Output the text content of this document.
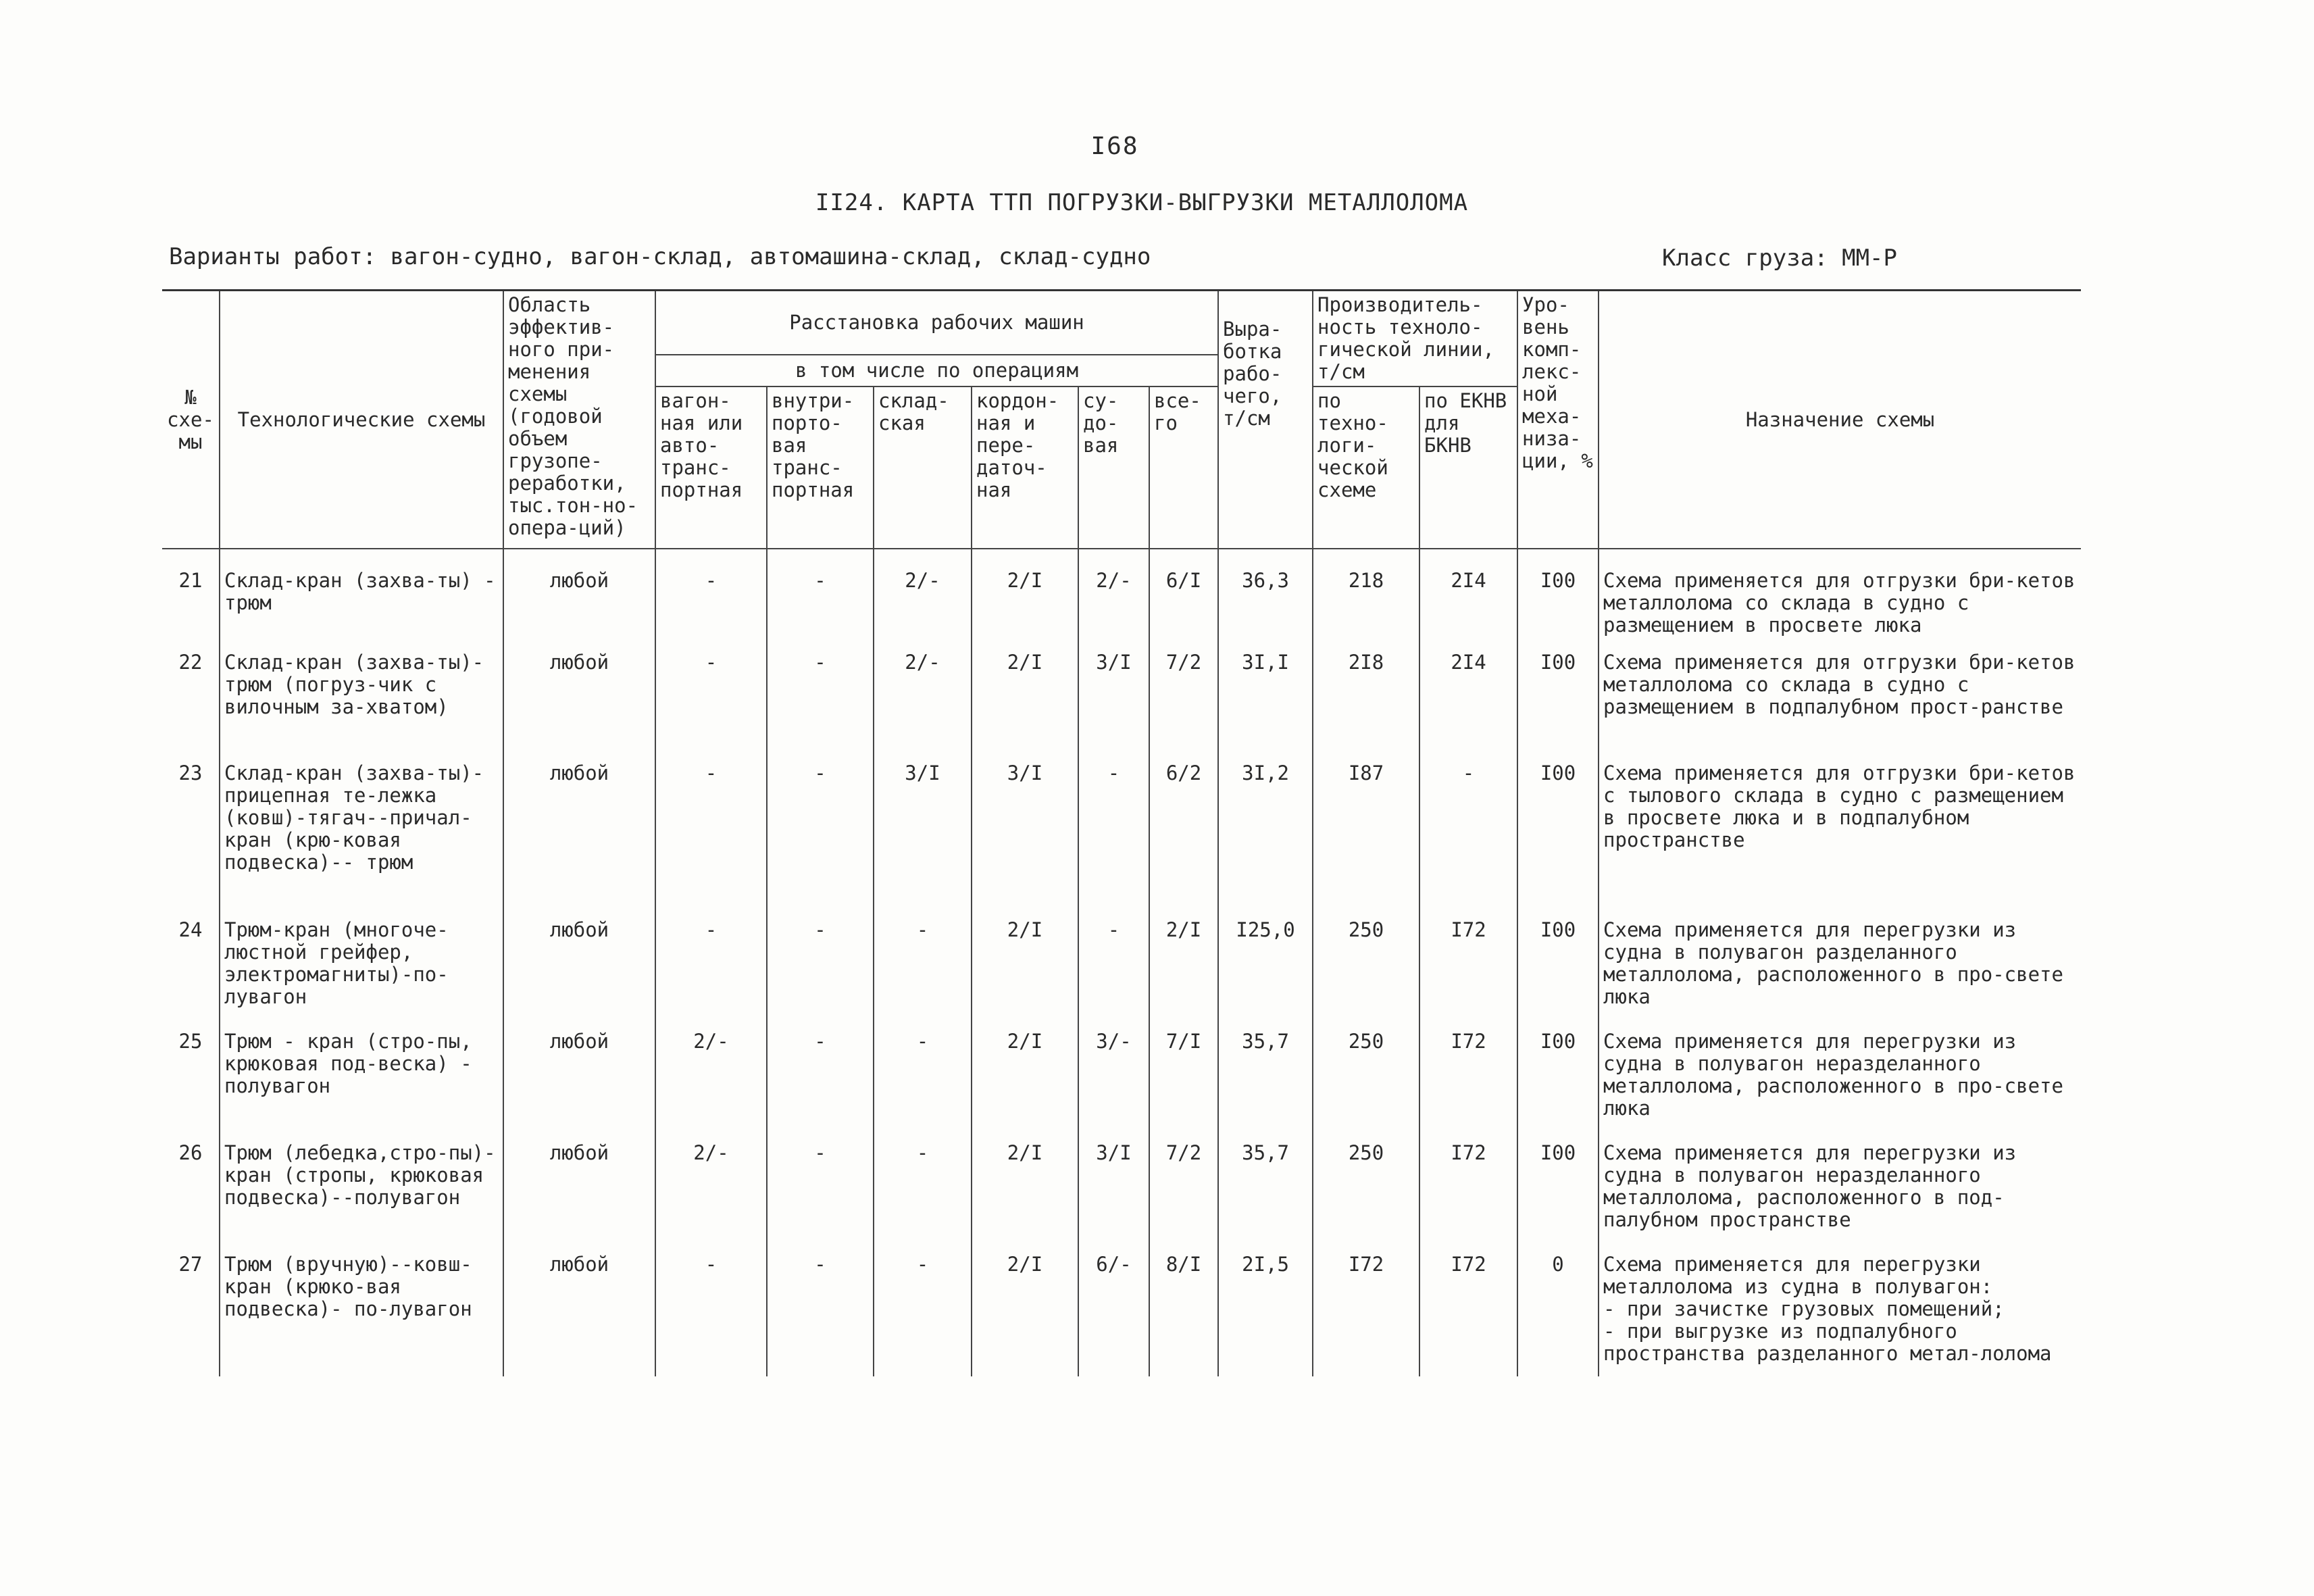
I68
II24. КАРТА ТТП ПОГРУЗКИ-ВЫГРУЗКИ МЕТАЛЛОЛОМА
Варианты работ: вагон-судно, вагон-склад, автомашина-склад, склад-судно	Класс груза: ММ-Р
№ схе-мы	Технологические схемы	Область эффектив-ного при-менения схемы (годовой объем грузопе-реработки, тыс.тон-но-опера-ций)	Расстановка рабочих машин						Выра-ботка рабо-чего, т/см	Производитель-ность техноло-гической линии, т/см		Уро-вень комп-лекс-ной меха-низа-ции, %	Назначение схемы
			в том числе по операциям										
			вагон-ная или авто-транс-портная	внутри-порто-вая транс-портная	склад-ская	кордон-ная и пере-даточ-ная	су-до-вая	все-го		по техно-логи-ческой схеме	по ЕКНВ для БКНВ		
21	Склад-кран (захва-ты) - трюм	любой	-	-	2/-	2/I	2/-	6/I	36,3	218	2I4	I00	Схема применяется для отгрузки бри-кетов металлолома со склада в судно с размещением в просвете люка
22	Склад-кран (захва-ты)-трюм (погруз-чик с вилочным за-хватом)	любой	-	-	2/-	2/I	3/I	7/2	3I,I	2I8	2I4	I00	Схема применяется для отгрузки бри-кетов металлолома со склада в судно с размещением в подпалубном прост-ранстве
23	Склад-кран (захва-ты)-прицепная те-лежка (ковш)-тягач--причал-кран (крю-ковая подвеска)-- трюм	любой	-	-	3/I	3/I	-	6/2	3I,2	I87	-	I00	Схема применяется для отгрузки бри-кетов с тылового склада в судно с размещением в просвете люка и в подпалубном пространстве
24	Трюм-кран (многоче-люстной грейфер, электромагниты)-по-лувагон	любой	-	-	-	2/I	-	2/I	I25,0	250	I72	I00	Схема применяется для перегрузки из судна в полувагон разделанного металлолома, расположенного в про-свете люка
25	Трюм - кран (стро-пы, крюковая под-веска) - полувагон	любой	2/-	-	-	2/I	3/-	7/I	35,7	250	I72	I00	Схема применяется для перегрузки из судна в полувагон неразделанного металлолома, расположенного в про-свете люка
26	Трюм (лебедка,стро-пы)-кран (стропы, крюковая подвеска)--полувагон	любой	2/-	-	-	2/I	3/I	7/2	35,7	250	I72	I00	Схема применяется для перегрузки из судна в полувагон неразделанного металлолома, расположенного в под-палубном пространстве
27	Трюм (вручную)--ковш-кран (крюко-вая подвеска)- по-лувагон	любой	-	-	-	2/I	6/-	8/I	2I,5	I72	I72	0	Схема применяется для перегрузки металлолома из судна в полувагон:
- при зачистке грузовых помещений;
- при выгрузке из подпалубного пространства разделанного метал-лолома
